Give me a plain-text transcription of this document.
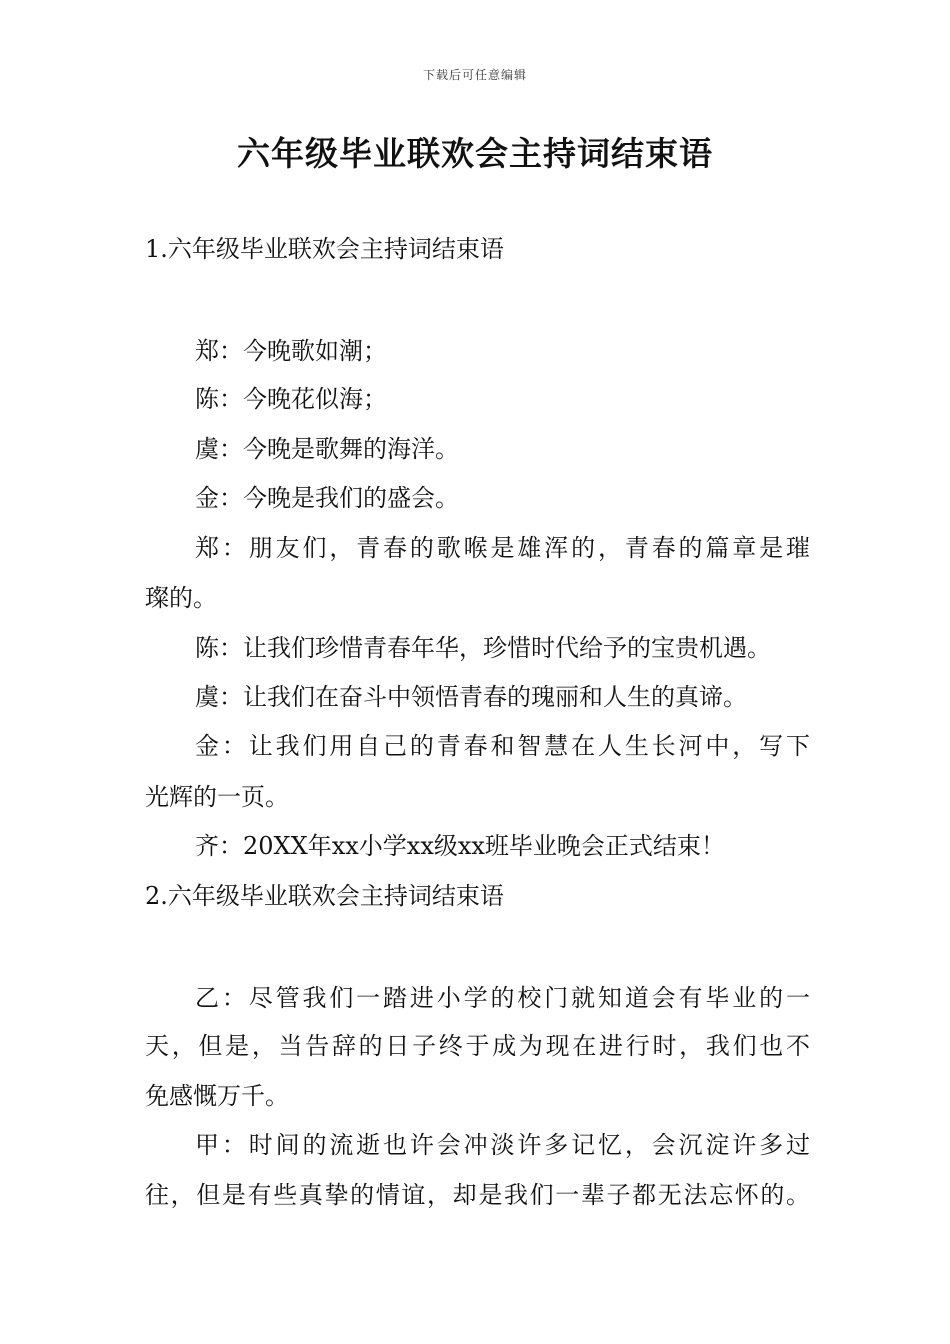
下载后可任意编辑
六年级毕业联欢会主持词结束语
1.六年级毕业联欢会主持词结束语
郑：今晚歌如潮；
陈：今晚花似海；
虞：今晚是歌舞的海洋。
金：今晚是我们的盛会。
郑：朋友们，青春的歌喉是雄浑的，青春的篇章是璀
璨的。
陈：让我们珍惜青春年华，珍惜时代给予的宝贵机遇。
虞：让我们在奋斗中领悟青春的瑰丽和人生的真谛。
金：让我们用自己的青春和智慧在人生长河中，写下
光辉的一页。
齐：20XX年xx小学xx级xx班毕业晚会正式结束！
2.六年级毕业联欢会主持词结束语
乙：尽管我们一踏进小学的校门就知道会有毕业的一
天，但是，当告辞的日子终于成为现在进行时，我们也不
免感慨万千。
甲：时间的流逝也许会冲淡许多记忆，会沉淀许多过
往，但是有些真挚的情谊，却是我们一辈子都无法忘怀的。
